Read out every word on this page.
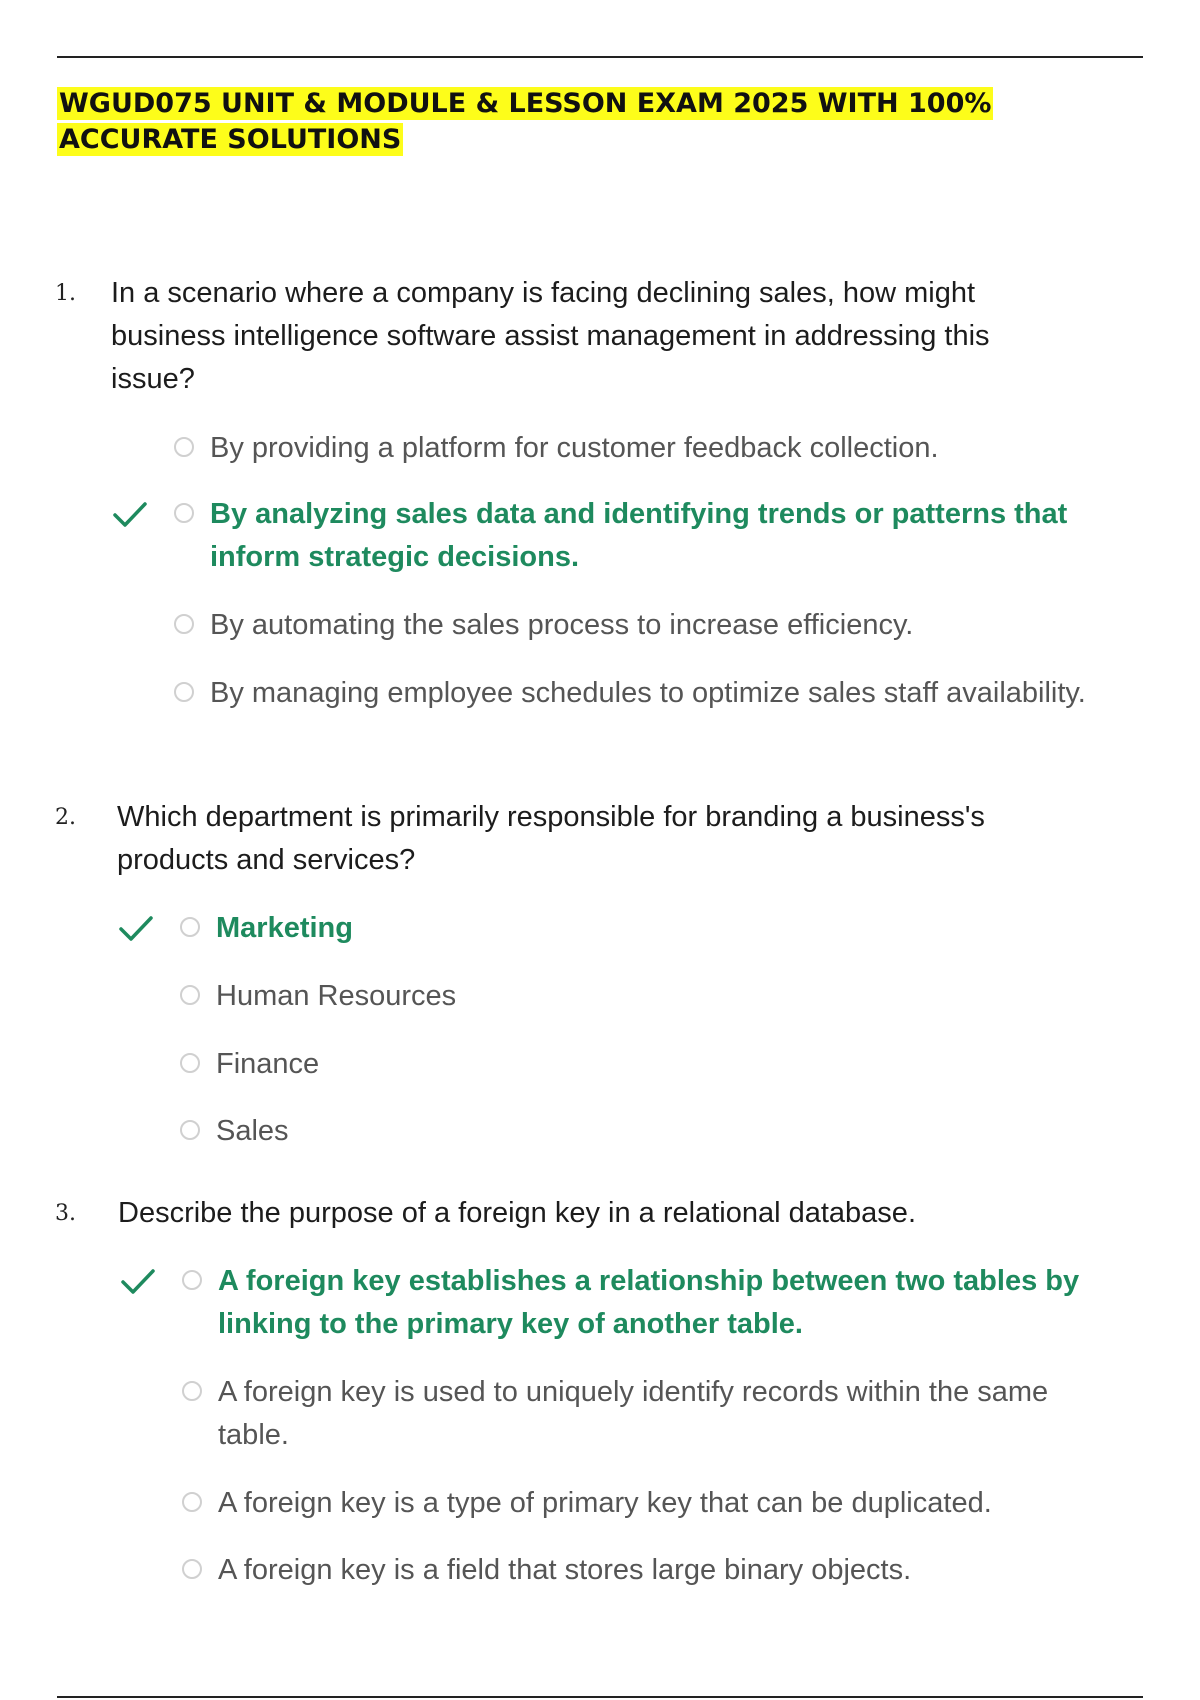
WGUD075 UNIT & MODULE & LESSON EXAM 2025 WITH 100%
ACCURATE SOLUTIONS
1. In a scenario where a company is facing declining sales, how might business intelligence software assist management in addressing this issue?
By providing a platform for customer feedback collection.
By analyzing sales data and identifying trends or patterns that inform strategic decisions.
By automating the sales process to increase efficiency.
By managing employee schedules to optimize sales staff availability.
2. Which department is primarily responsible for branding a business's products and services?
Marketing
Human Resources
Finance
Sales
3. Describe the purpose of a foreign key in a relational database.
A foreign key establishes a relationship between two tables by linking to the primary key of another table.
A foreign key is used to uniquely identify records within the same table.
A foreign key is a type of primary key that can be duplicated.
A foreign key is a field that stores large binary objects.
